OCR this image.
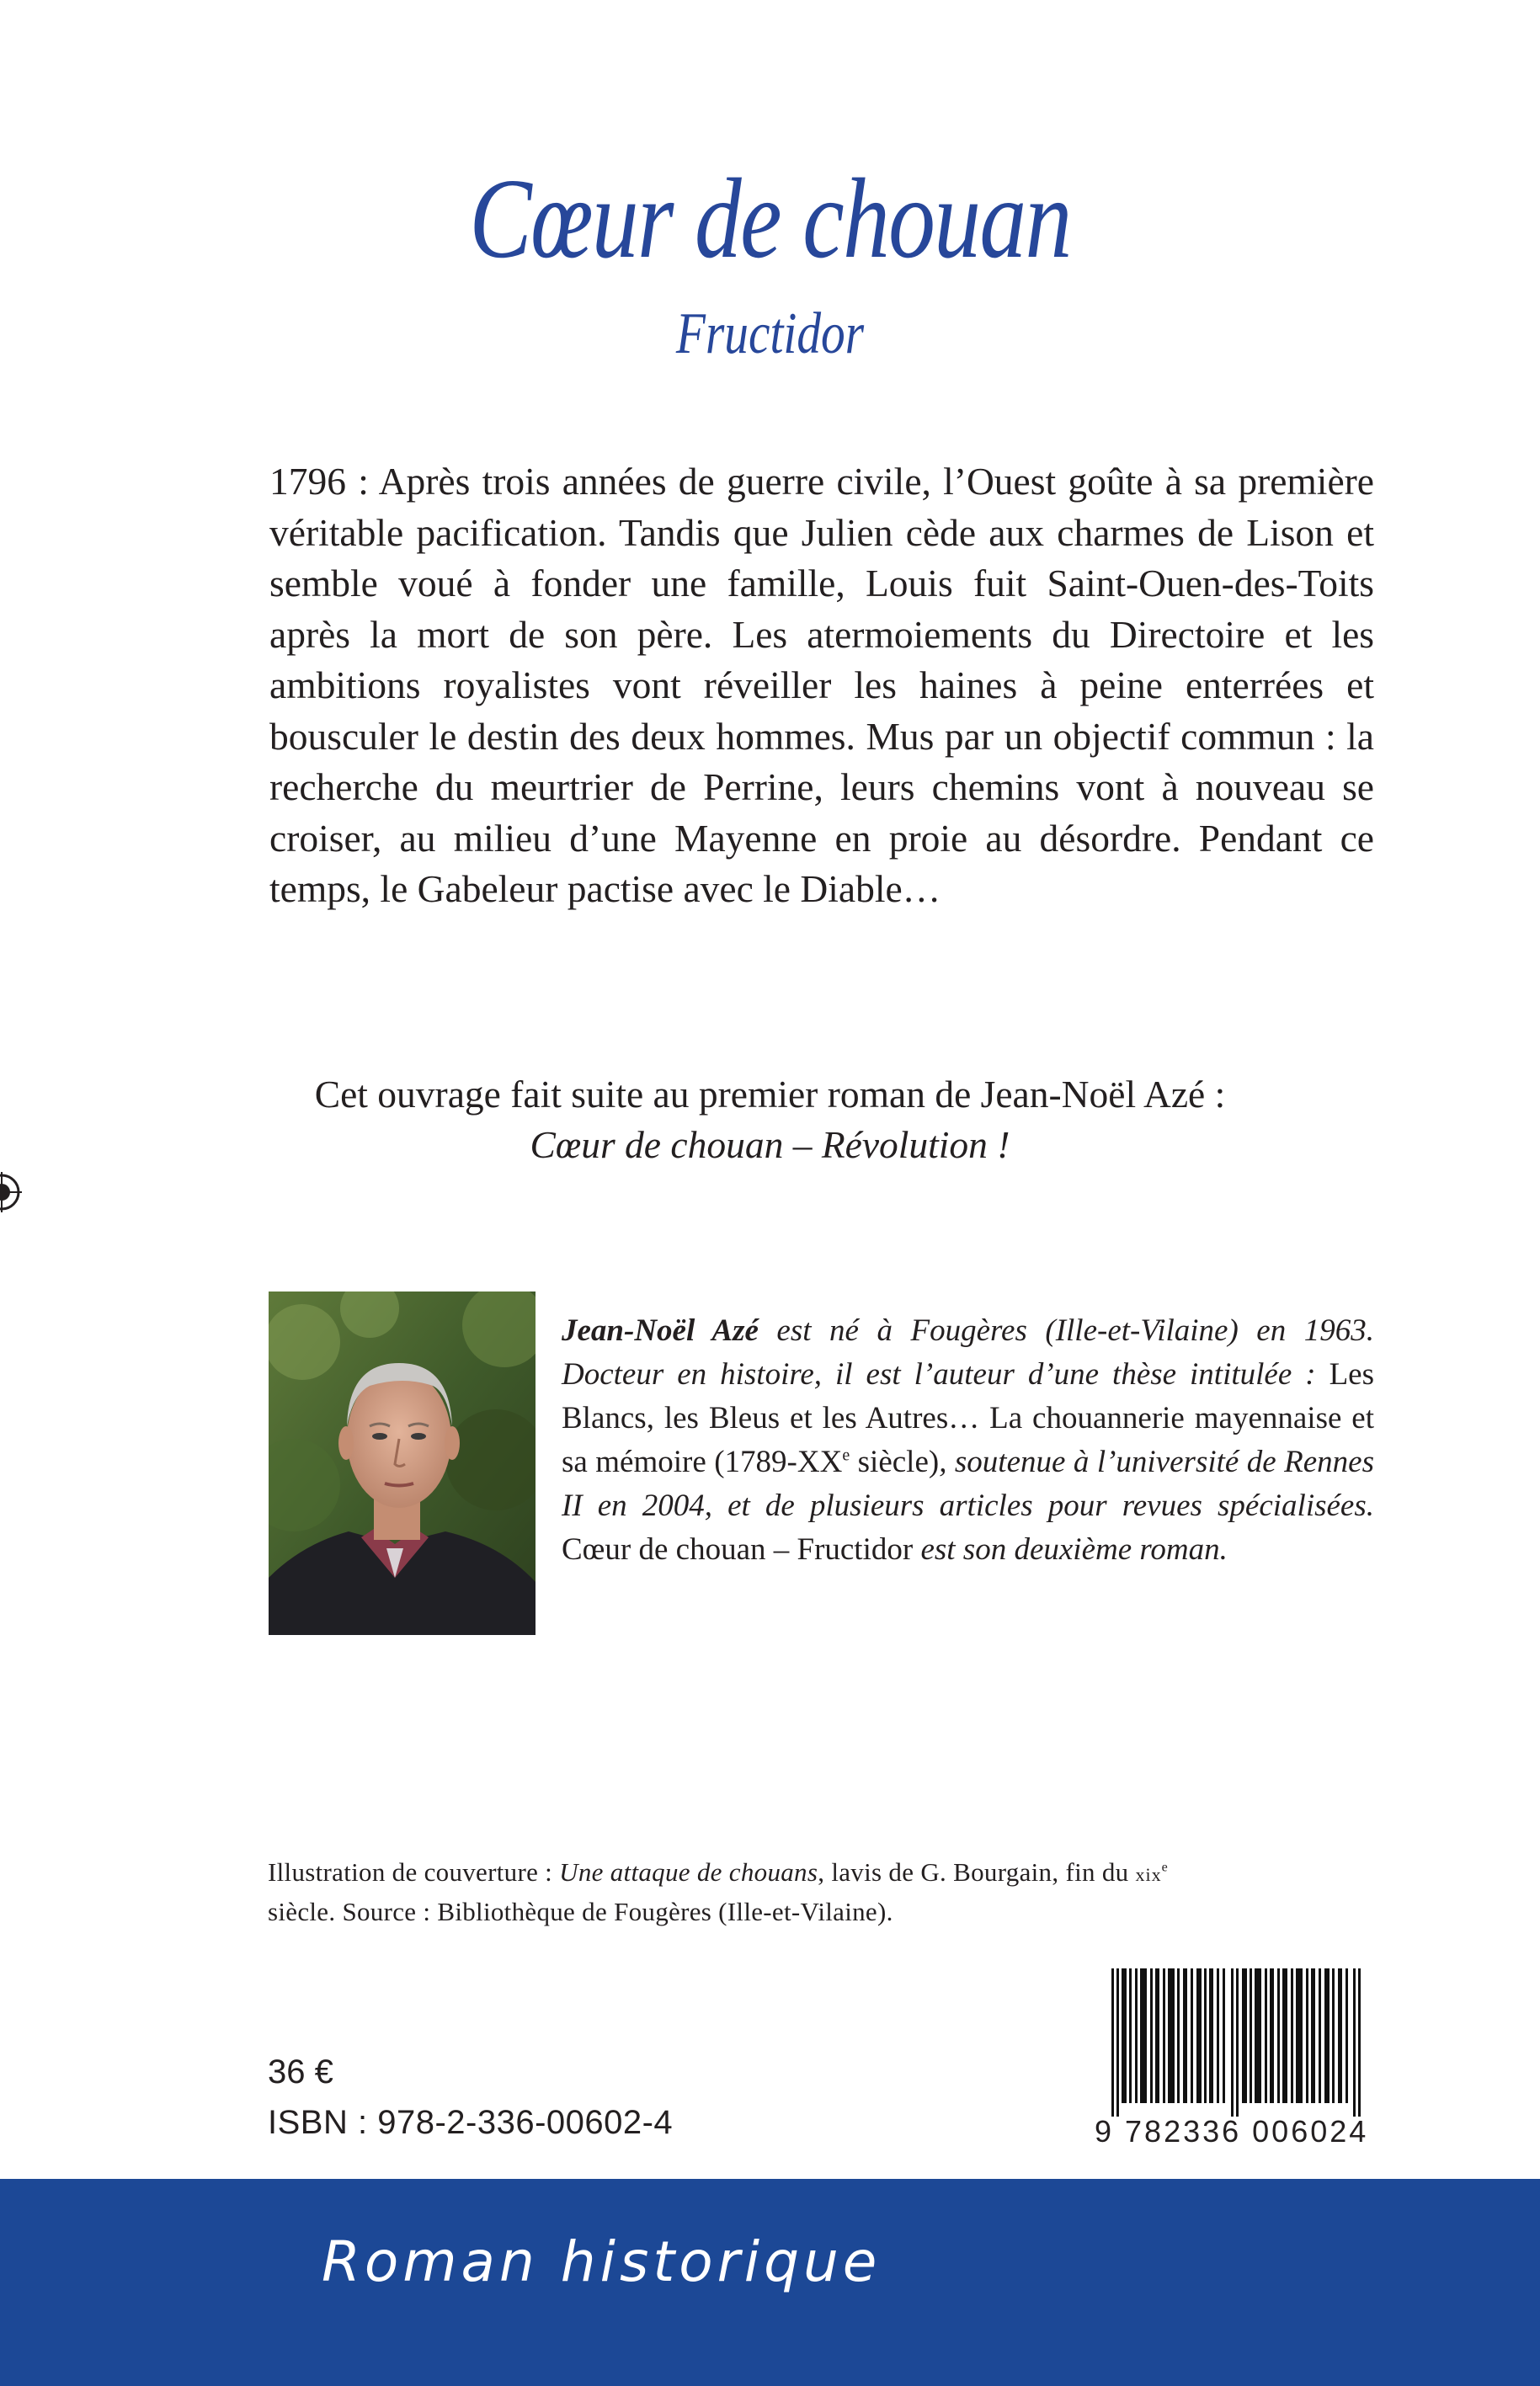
Cœur de chouan
Fructidor

1796 : Après trois années de guerre civile, l’Ouest goûte à sa première véritable pacification. Tandis que Julien cède aux charmes de Lison et semble voué à fonder une famille, Louis fuit Saint-Ouen-des-Toits après la mort de son père. Les atermoiements du Directoire et les ambitions royalistes vont réveiller les haines à peine enterrées et bousculer le destin des deux hommes. Mus par un objectif commun : la recherche du meurtrier de Perrine, leurs chemins vont à nouveau se croiser, au milieu d’une Mayenne en proie au désordre. Pendant ce temps, le Gabeleur pactise avec le Diable…

Cet ouvrage fait suite au premier roman de Jean-Noël Azé :
Cœur de chouan – Révolution !

Jean-Noël Azé est né à Fougères (Ille-et-Vilaine) en 1963. Docteur en histoire, il est l’auteur d’une thèse intitulée : Les Blancs, les Bleus et les Autres… La chouannerie mayennaise et sa mémoire (1789-XXe siècle), soutenue à l’université de Rennes II en 2004, et de plusieurs articles pour revues spécialisées. Cœur de chouan – Fructidor est son deuxième roman.

Illustration de couverture : Une attaque de chouans, lavis de G. Bourgain, fin du xix$^e$ siècle. Source : Bibliothèque de Fougères (Ille-et-Vilaine).
36 €
ISBN : 978-2-336-00602-4	9 782336 006024
Roman historique
